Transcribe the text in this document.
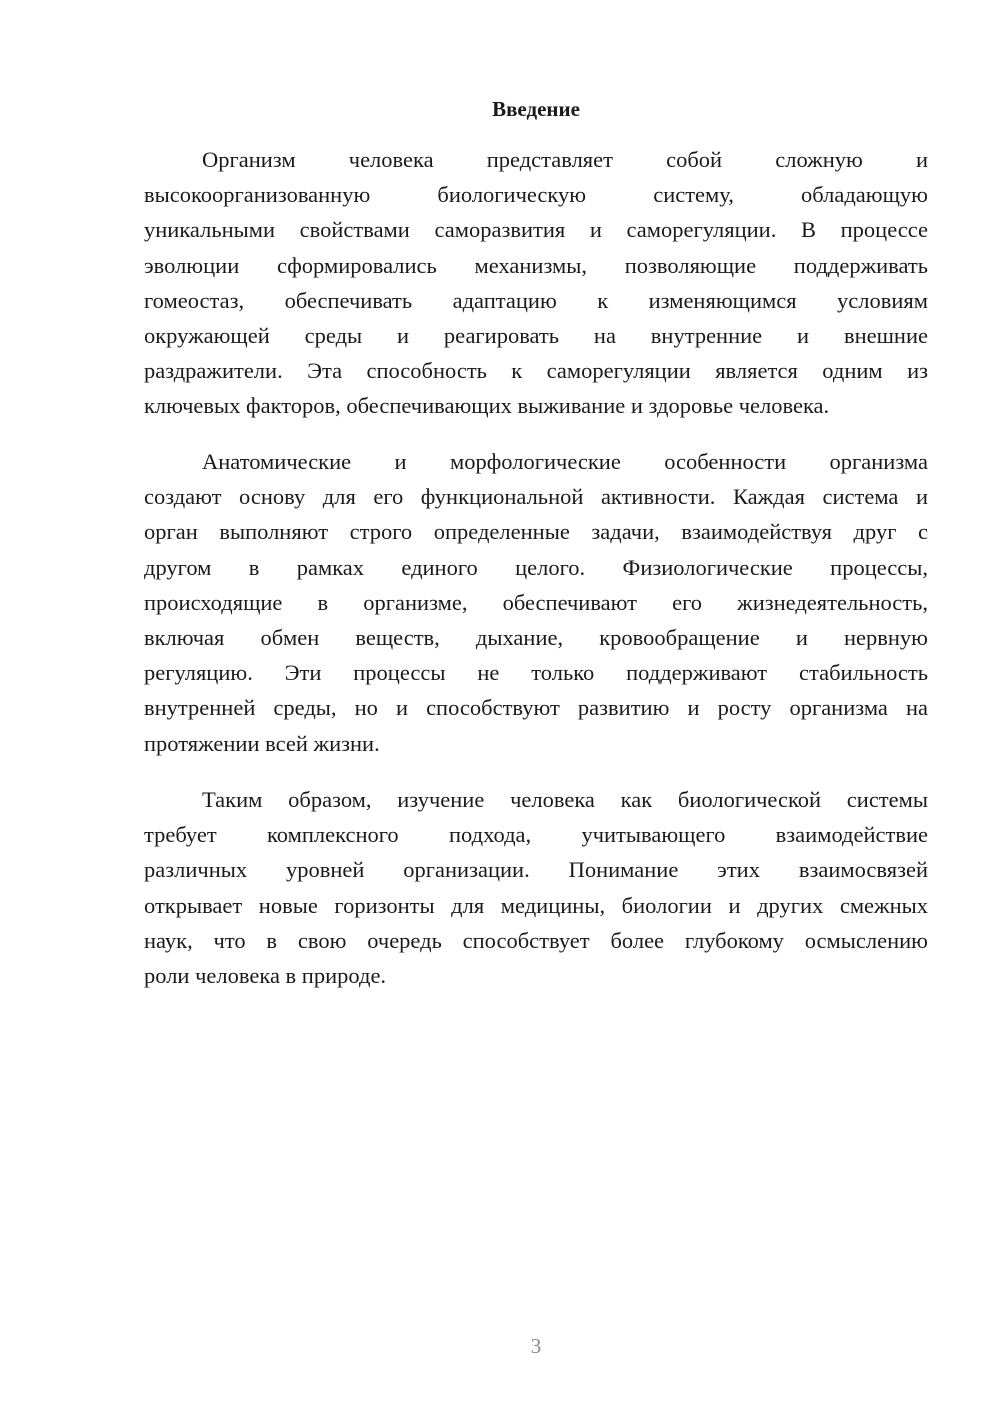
Введение
Организм человека представляет собой сложную и
высокоорганизованную биологическую систему, обладающую
уникальными свойствами саморазвития и саморегуляции. В процессе
эволюции сформировались механизмы, позволяющие поддерживать
гомеостаз, обеспечивать адаптацию к изменяющимся условиям
окружающей среды и реагировать на внутренние и внешние
раздражители. Эта способность к саморегуляции является одним из
ключевых факторов, обеспечивающих выживание и здоровье человека.
Анатомические и морфологические особенности организма
создают основу для его функциональной активности. Каждая система и
орган выполняют строго определенные задачи, взаимодействуя друг с
другом в рамках единого целого. Физиологические процессы,
происходящие в организме, обеспечивают его жизнедеятельность,
включая обмен веществ, дыхание, кровообращение и нервную
регуляцию. Эти процессы не только поддерживают стабильность
внутренней среды, но и способствуют развитию и росту организма на
протяжении всей жизни.
Таким образом, изучение человека как биологической системы
требует комплексного подхода, учитывающего взаимодействие
различных уровней организации. Понимание этих взаимосвязей
открывает новые горизонты для медицины, биологии и других смежных
наук, что в свою очередь способствует более глубокому осмыслению
роли человека в природе.
3
